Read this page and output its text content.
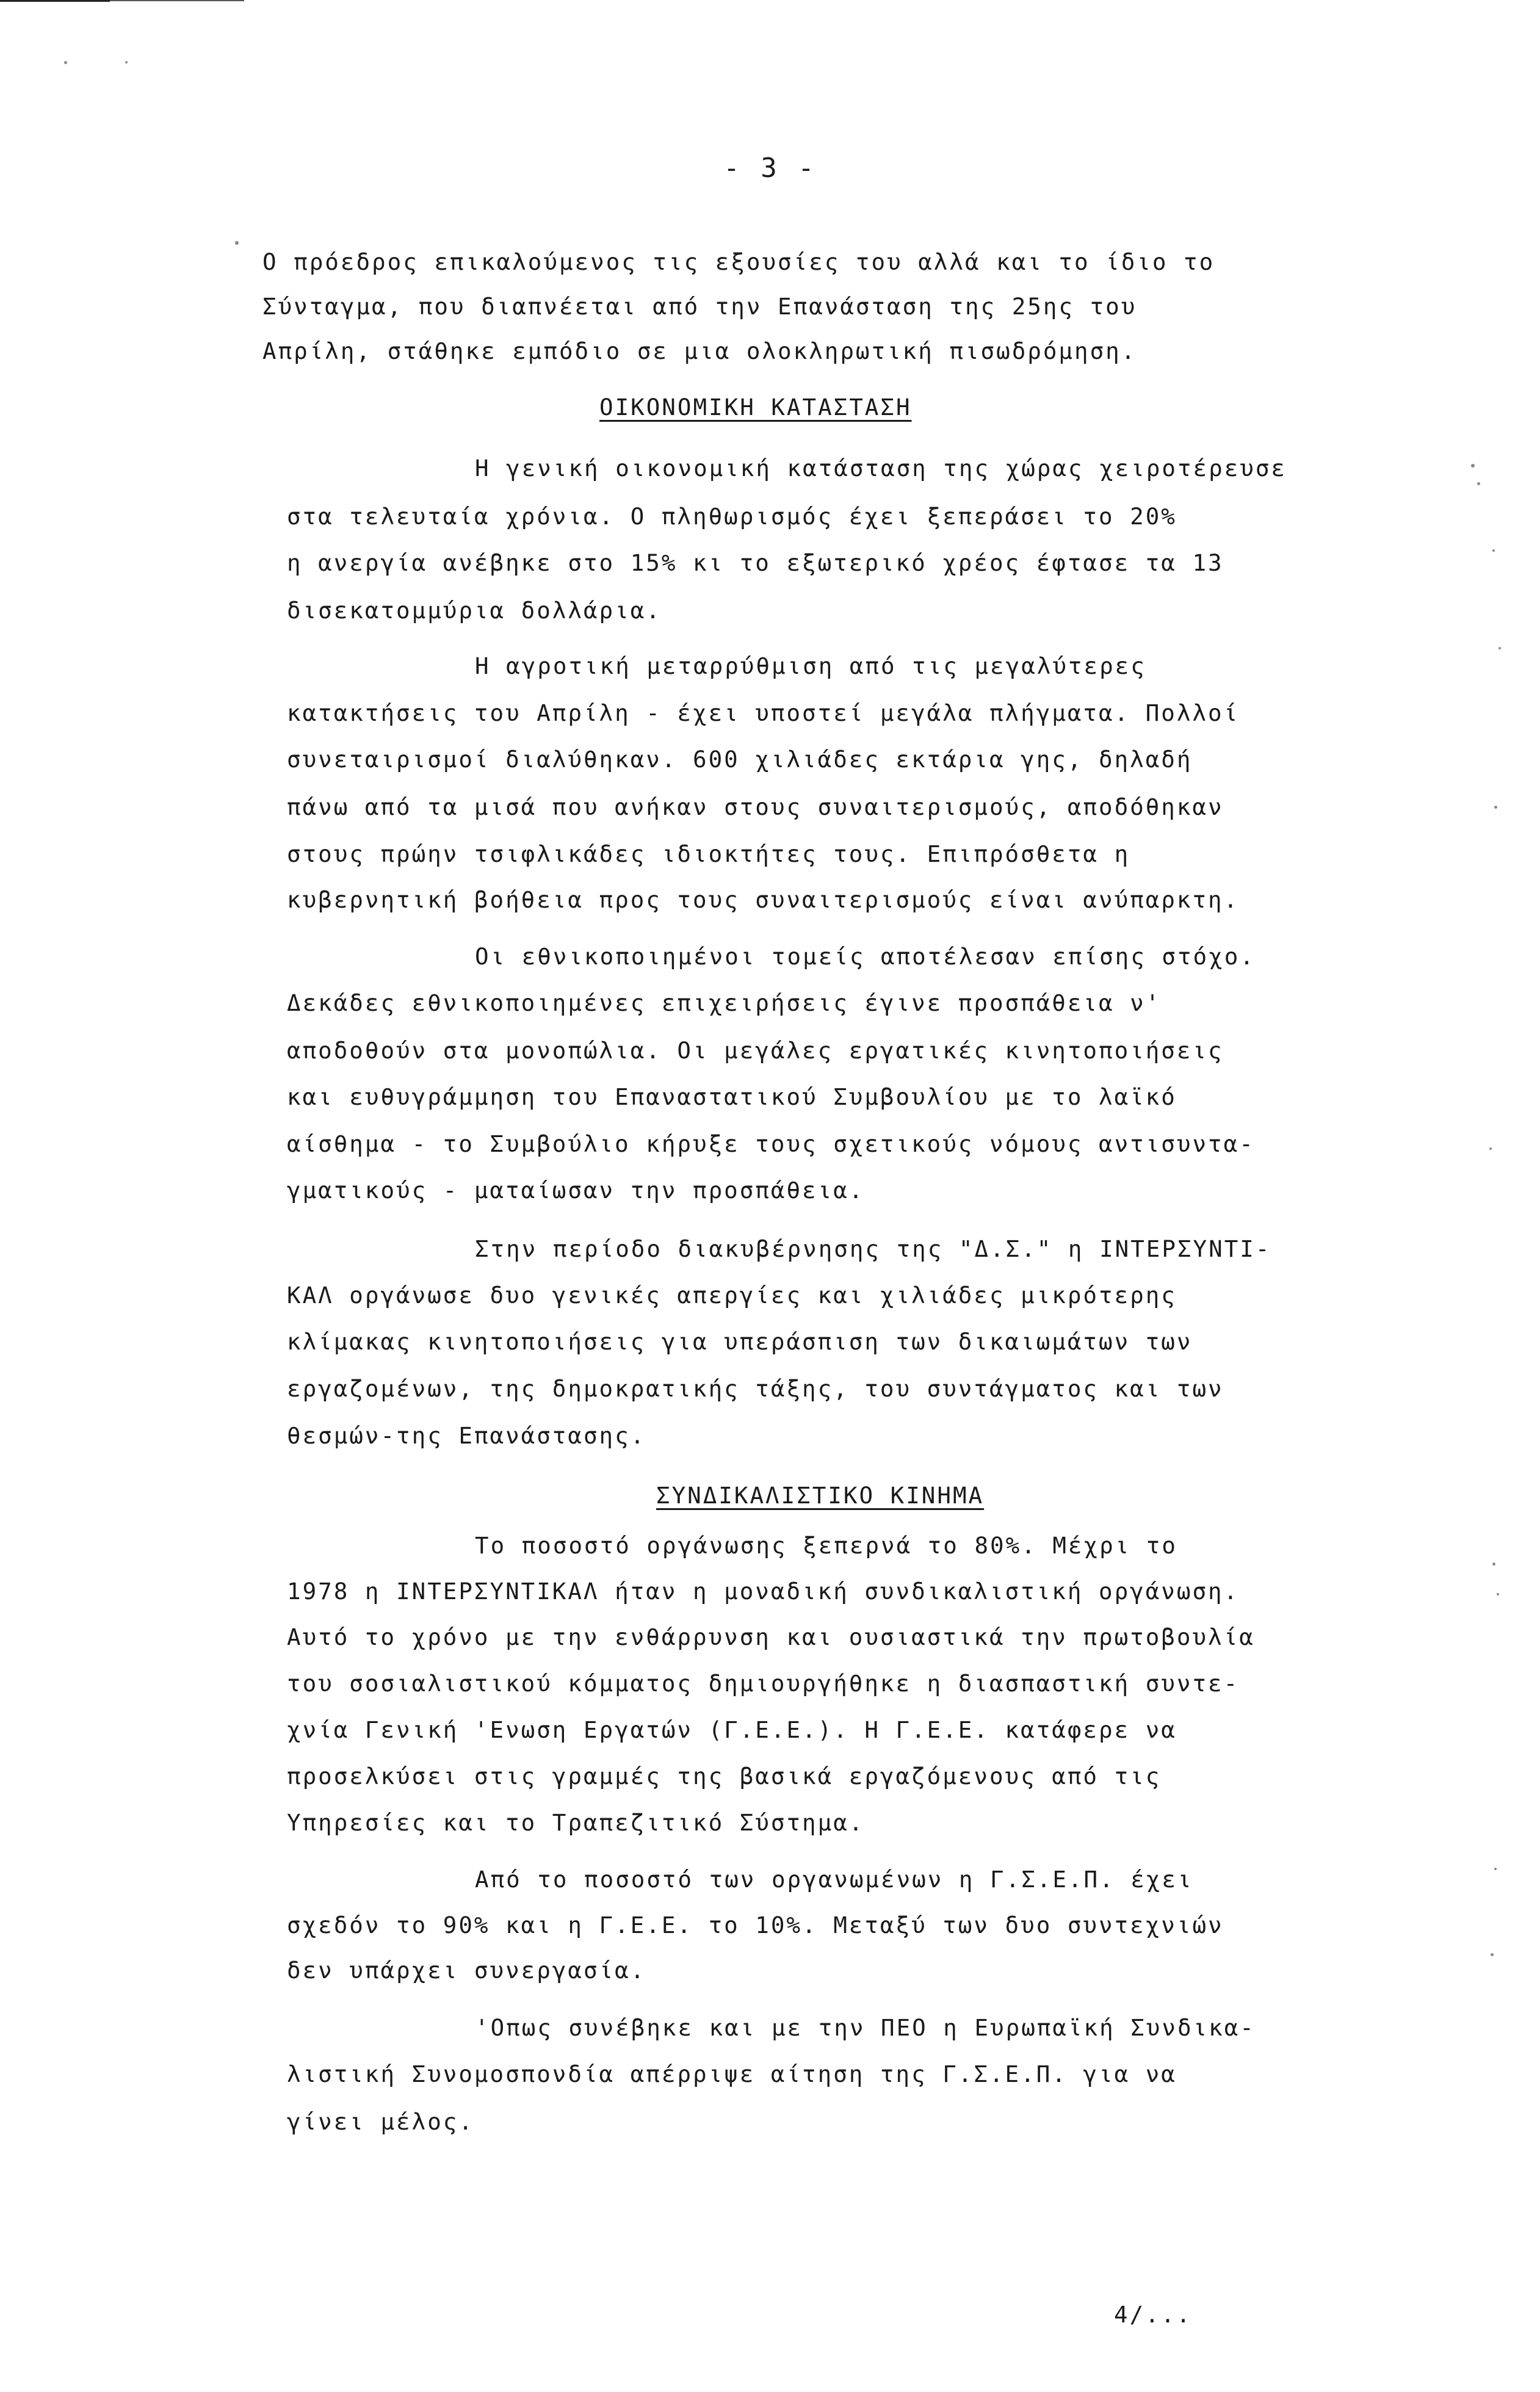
- 3 -
Ο πρόεδρος επικαλούμενος τις εξουσίες του αλλά και το ίδιο το
Σύνταγμα, που διαπνέεται από την Επανάσταση της 25ης του
Απρίλη, στάθηκε εμπόδιο σε μια ολοκληρωτική πισωδρόμηση.
ΟΙΚΟΝΟΜΙΚΗ ΚΑΤΑΣΤΑΣΗ
Η γενική οικονομική κατάσταση της χώρας χειροτέρευσε
στα τελευταία χρόνια. Ο πληθωρισμός έχει ξεπεράσει το 20%
η ανεργία ανέβηκε στο 15% κι το εξωτερικό χρέος έφτασε τα 13
δισεκατομμύρια δολλάρια.
Η αγροτική μεταρρύθμιση από τις μεγαλύτερες
κατακτήσεις του Απρίλη - έχει υποστεί μεγάλα πλήγματα. Πολλοί
συνεταιρισμοί διαλύθηκαν. 600 χιλιάδες εκτάρια γης, δηλαδή
πάνω από τα μισά που ανήκαν στους συναιτερισμούς, αποδόθηκαν
στους πρώην τσιφλικάδες ιδιοκτήτες τους. Επιπρόσθετα η
κυβερνητική βοήθεια προς τους συναιτερισμούς είναι ανύπαρκτη.
Οι εθνικοποιημένοι τομείς αποτέλεσαν επίσης στόχο.
Δεκάδες εθνικοποιημένες επιχειρήσεις έγινε προσπάθεια ν'
αποδοθούν στα μονοπώλια. Οι μεγάλες εργατικές κινητοποιήσεις
και ευθυγράμμηση του Επαναστατικού Συμβουλίου με το λαϊκό
αίσθημα - το Συμβούλιο κήρυξε τους σχετικούς νόμους αντισυντα-
γματικούς - ματαίωσαν την προσπάθεια.
Στην περίοδο διακυβέρνησης της "Δ.Σ." η ΙΝΤΕΡΣΥΝΤΙ-
ΚΑΛ οργάνωσε δυο γενικές απεργίες και χιλιάδες μικρότερης
κλίμακας κινητοποιήσεις για υπεράσπιση των δικαιωμάτων των
εργαζομένων, της δημοκρατικής τάξης, του συντάγματος και των
θεσμών-της Επανάστασης.
ΣΥΝΔΙΚΑΛΙΣΤΙΚΟ ΚΙΝΗΜΑ
Το ποσοστό οργάνωσης ξεπερνά το 80%. Μέχρι το
1978 η ΙΝΤΕΡΣΥΝΤΙΚΑΛ ήταν η μοναδική συνδικαλιστική οργάνωση.
Αυτό το χρόνο με την ενθάρρυνση και ουσιαστικά την πρωτοβουλία
του σοσιαλιστικού κόμματος δημιουργήθηκε η διασπαστική συντε-
χνία Γενική 'Ενωση Εργατών (Γ.Ε.Ε.). Η Γ.Ε.Ε. κατάφερε να
προσελκύσει στις γραμμές της βασικά εργαζόμενους από τις
Υπηρεσίες και το Τραπεζιτικό Σύστημα.
Από το ποσοστό των οργανωμένων η Γ.Σ.Ε.Π. έχει
σχεδόν το 90% και η Γ.Ε.Ε. το 10%. Μεταξύ των δυο συντεχνιών
δεν υπάρχει συνεργασία.
'Οπως συνέβηκε και με την ΠΕΟ η Ευρωπαϊκή Συνδικα-
λιστική Συνομοσπονδία απέρριψε αίτηση της Γ.Σ.Ε.Π. για να
γίνει μέλος.
4/...
